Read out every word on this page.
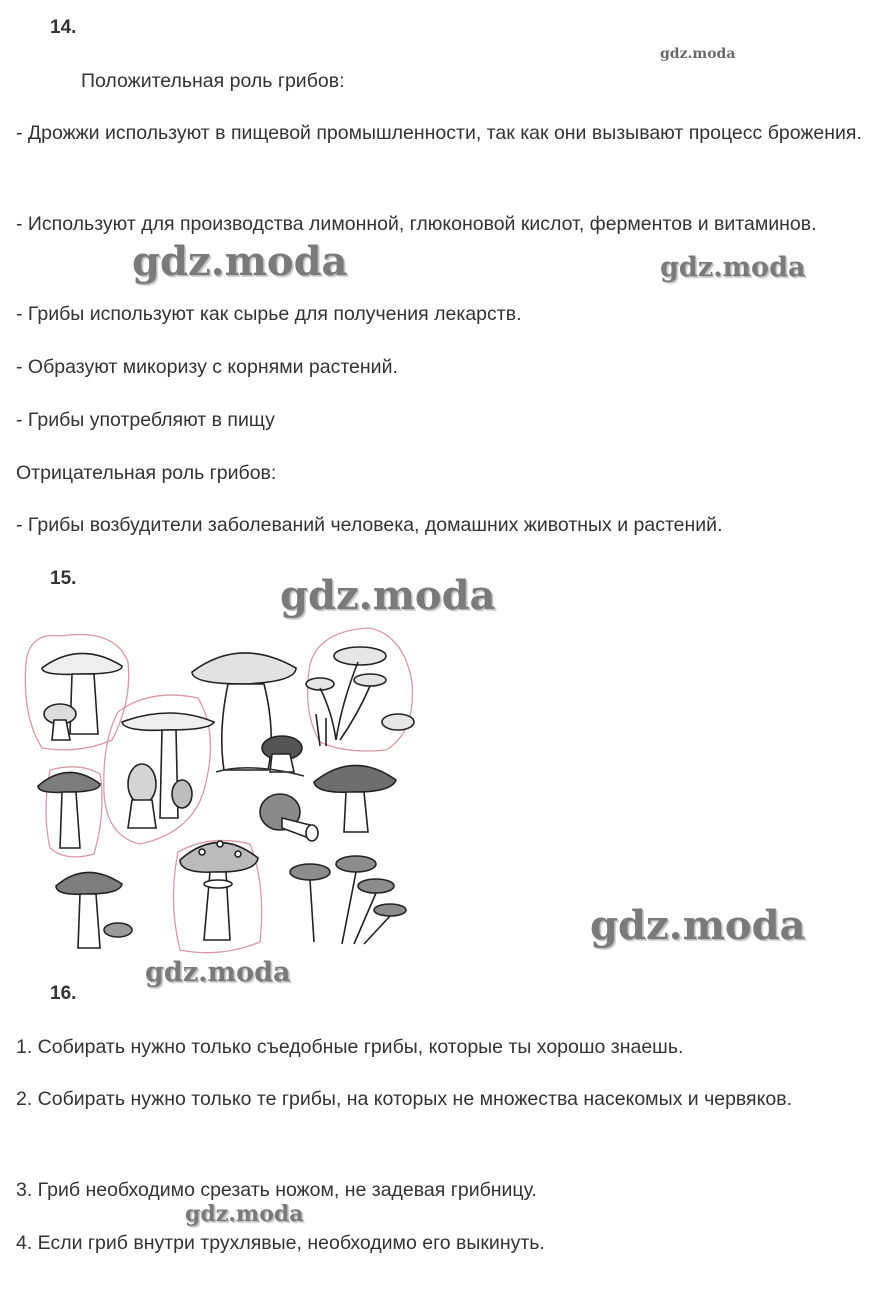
14.
gdz.moda

Положительная роль грибов:

- Дрожжи используют в пищевой промышленности, так как они вызывают процесс брожения.

- Используют для производства лимонной, глюконовой кислот, ферментов и витаминов.

gdz.moda	gdz.moda

- Грибы используют как сырье для получения лекарств.

- Образуют микоризу с корнями растений.

- Грибы употребляют в пищу

Отрицательная роль грибов:

- Грибы возбудители заболеваний человека, домашних животных и растений.

15.	gdz.moda
gdz.moda
gdz.moda
16.

1. Собирать нужно только съедобные грибы, которые ты хорошо знаешь.

2. Собирать нужно только те грибы, на которых не множества насекомых и червяков.

3. Гриб необходимо срезать ножом, не задевая грибницу.

gdz.moda

4. Если гриб внутри трухлявые, необходимо его выкинуть.
